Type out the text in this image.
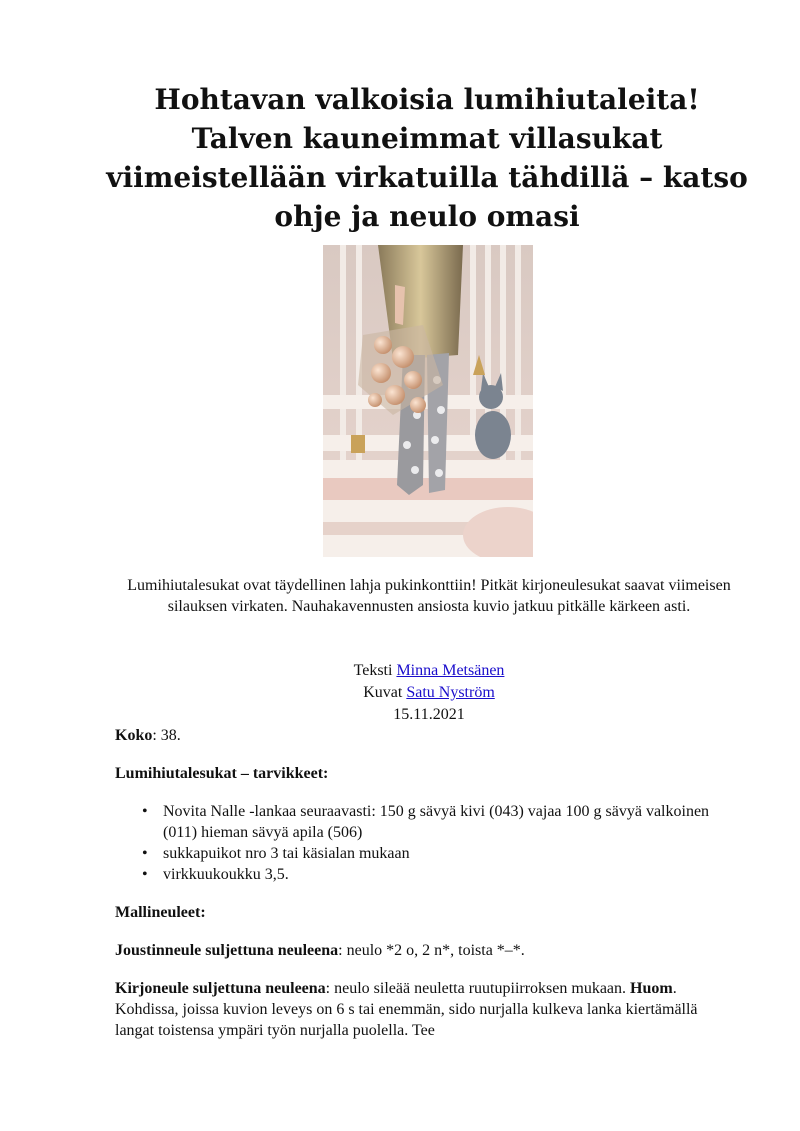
Hohtavan valkoisia lumihiutaleita! Talven kauneimmat villasukat viimeistellään virkatuilla tähdillä – katso ohje ja neulo omasi

Lumihiutalesukat ovat täydellinen lahja pukinkonttiin! Pitkät kirjoneulesukat saavat viimeisen silauksen virkaten. Nauhakavennusten ansiosta kuvio jatkuu pitkälle kärkeen asti.

Teksti Minna Metsänen
Kuvat Satu Nyström
15.11.2021

Koko: 38.

Lumihiutalesukat – tarvikkeet:

• Novita Nalle -lankaa seuraavasti: 150 g sävyä kivi (043) vajaa 100 g sävyä valkoinen (011) hieman sävyä apila (506)
• sukkapuikot nro 3 tai käsialan mukaan
• virkkuukoukku 3,5.

Mallineuleet:

Joustinneule suljettuna neuleena: neulo *2 o, 2 n*, toista *–*.

Kirjoneule suljettuna neuleena: neulo sileää neuletta ruutupiirroksen mukaan. Huom. Kohdissa, joissa kuvion leveys on 6 s tai enemmän, sido nurjalla kulkeva lanka kiertämällä langat toistensa ympäri työn nurjalla puolella. Tee
